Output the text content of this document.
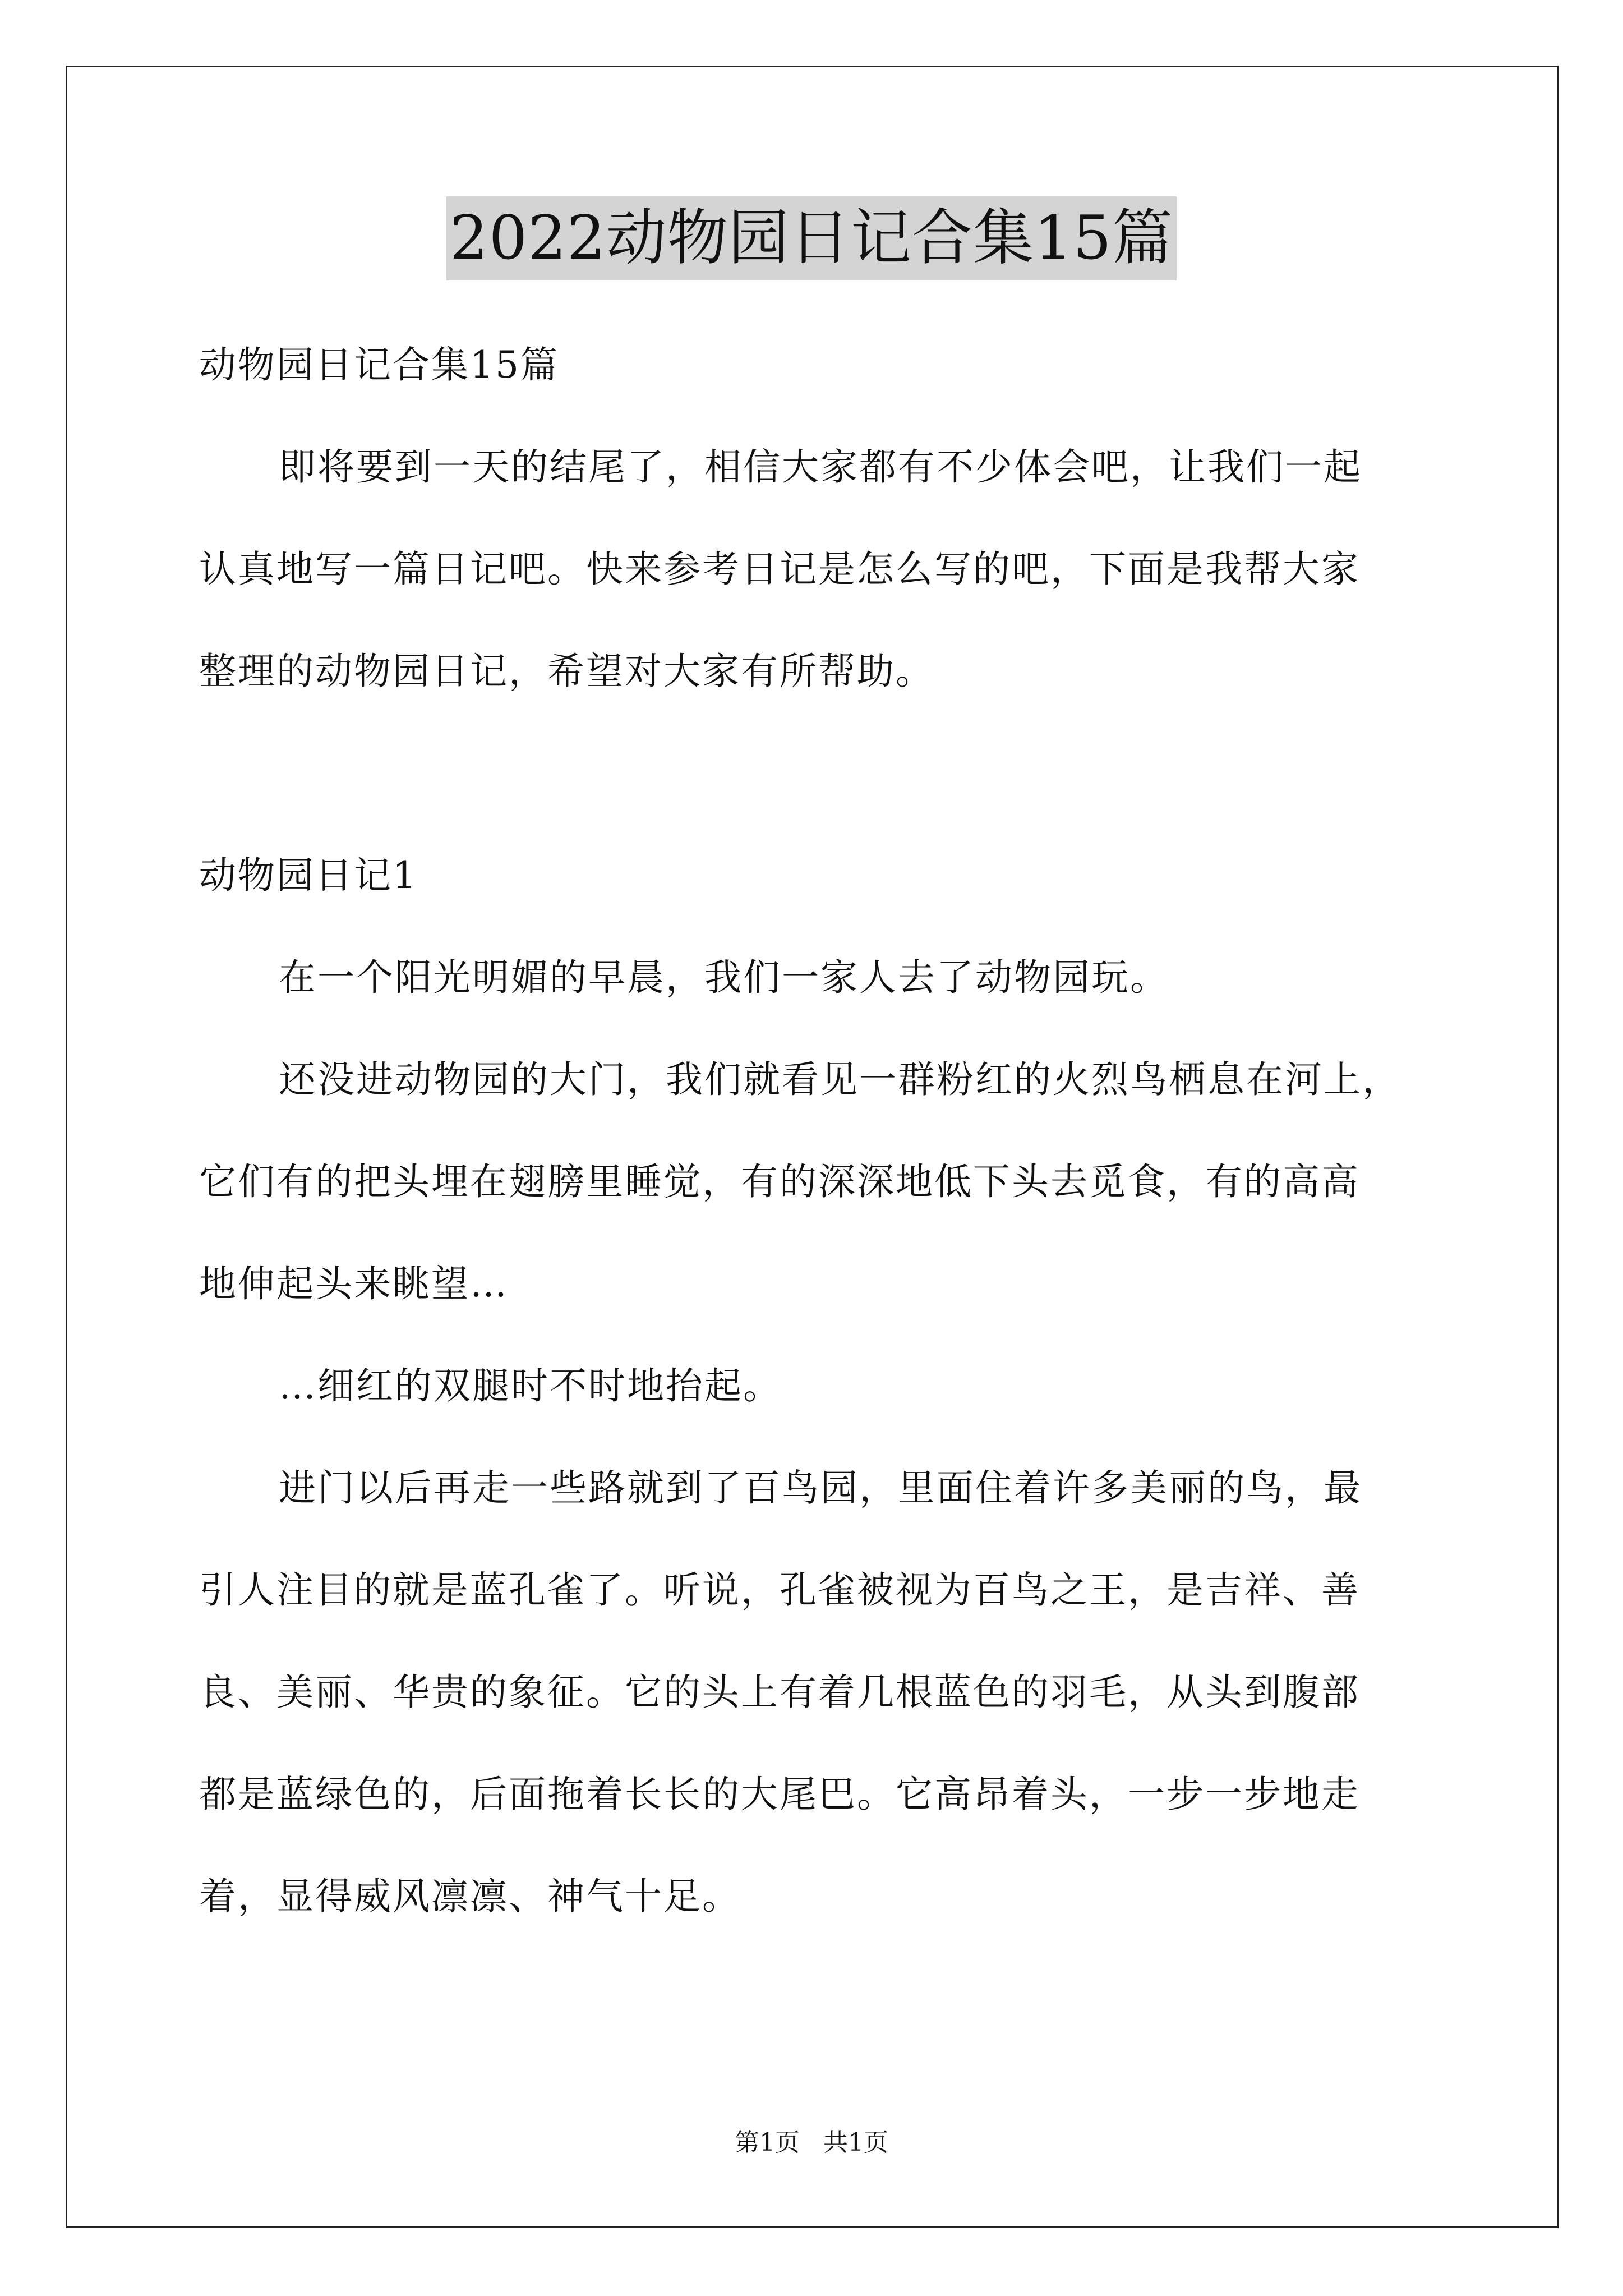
2022动物园日记合集15篇
动物园日记合集15篇
即将要到一天的结尾了，相信大家都有不少体会吧，让我们一起
认真地写一篇日记吧。快来参考日记是怎么写的吧，下面是我帮大家
整理的动物园日记，希望对大家有所帮助。
动物园日记1
在一个阳光明媚的早晨，我们一家人去了动物园玩。
还没进动物园的大门，我们就看见一群粉红的火烈鸟栖息在河上，
它们有的把头埋在翅膀里睡觉，有的深深地低下头去觅食，有的高高
地伸起头来眺望…
…细红的双腿时不时地抬起。
进门以后再走一些路就到了百鸟园，里面住着许多美丽的鸟，最
引人注目的就是蓝孔雀了。听说，孔雀被视为百鸟之王，是吉祥、善
良、美丽、华贵的象征。它的头上有着几根蓝色的羽毛，从头到腹部
都是蓝绿色的，后面拖着长长的大尾巴。它高昂着头，一步一步地走
着，显得威风凛凛、神气十足。
第1页 共1页
